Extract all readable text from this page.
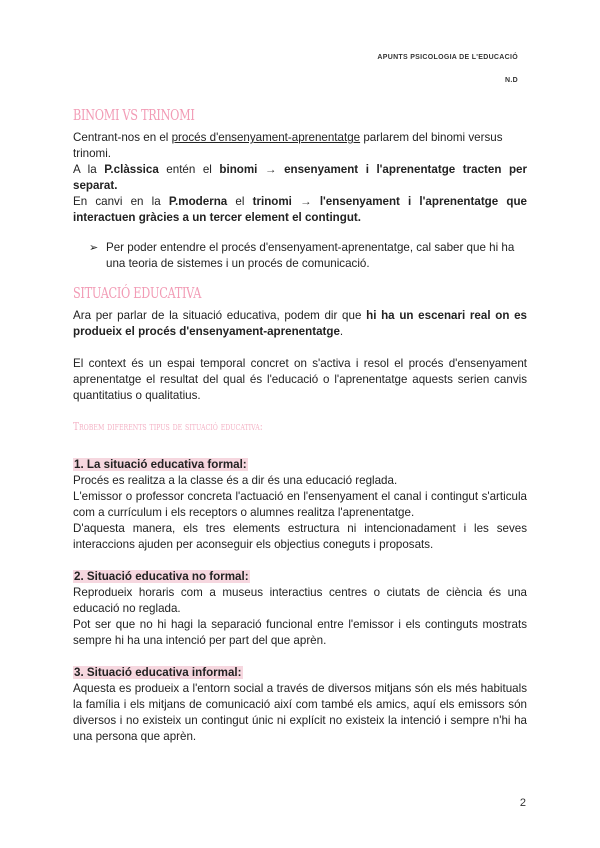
APUNTS PSICOLOGIA DE L'EDUCACIÓ
N.D
BINOMI VS TRINOMI

Centrant-nos en el procés d'ensenyament-aprenentatge parlarem del binomi versus trinomi.

A la P.clàssica entén el binomi → ensenyament i l'aprenentatge tracten per separat.

En canvi en la P.moderna el trinomi → l'ensenyament i l'aprenentatge que interactuen gràcies a un tercer element el contingut.

➢ Per poder entendre el procés d'ensenyament-aprenentatge, cal saber que hi ha una teoria de sistemes i un procés de comunicació.
SITUACIÓ EDUCATIVA

Ara per parlar de la situació educativa, podem dir que hi ha un escenari real on es produeix el procés d'ensenyament-aprenentatge.

El context és un espai temporal concret on s'activa i resol el procés d'ensenyament aprenentatge el resultat del qual és l'educació o l'aprenentatge aquests serien canvis quantitatius o qualitatius.

Trobem diferents tipus de situació educativa:
1. La situació educativa formal:

Procés es realitza a la classe és a dir és una educació reglada.

L'emissor o professor concreta l'actuació en l'ensenyament el canal i contingut s'articula com a currículum i els receptors o alumnes realitza l'aprenentatge.

D'aquesta manera, els tres elements estructura ni intencionadament i les seves interaccions ajuden per aconseguir els objectius coneguts i proposats.

2. Situació educativa no formal:

Reprodueix horaris com a museus interactius centres o ciutats de ciència és una educació no reglada.

Pot ser que no hi hagi la separació funcional entre l'emissor i els continguts mostrats sempre hi ha una intenció per part del que aprèn.

3. Situació educativa informal:

Aquesta es produeix a l'entorn social a través de diversos mitjans són els més habituals la família i els mitjans de comunicació així com també els amics, aquí els emissors són diversos i no existeix un contingut únic ni explícit no existeix la intenció i sempre n'hi ha una persona que aprèn.

2
